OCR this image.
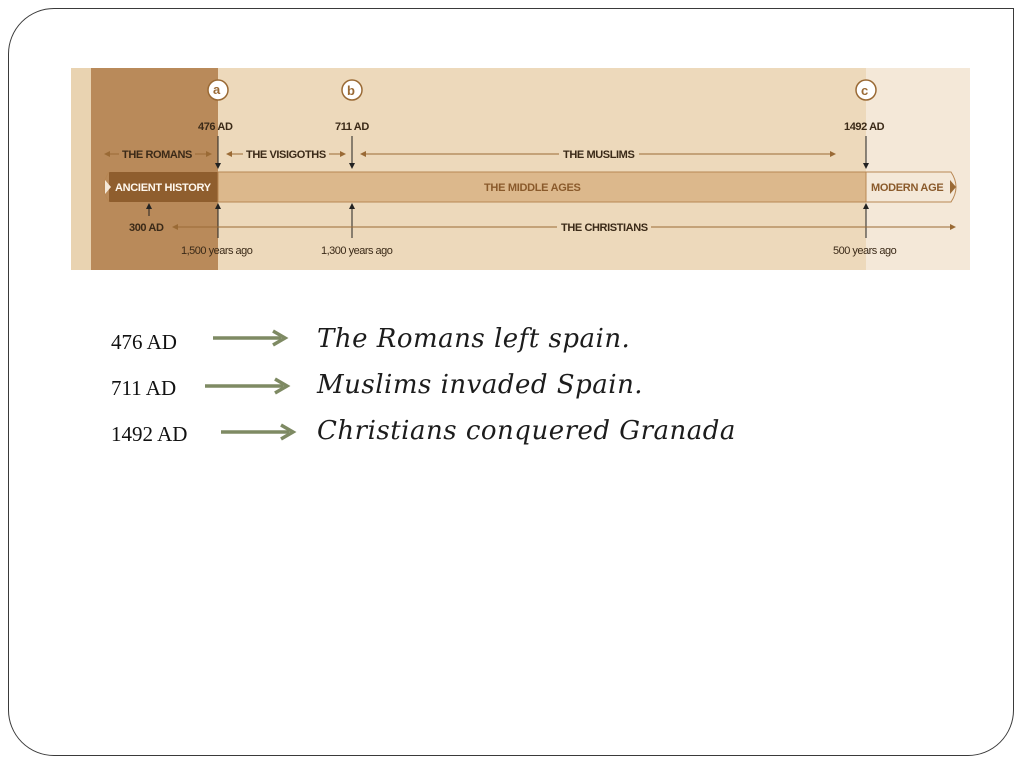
ANCIENT HISTORY	THE MIDDLE AGES	MODERN AGE
a	b	c
476 AD	711 AD	1492 AD
THE ROMANS	THE VISIGOTHS	THE MUSLIMS
300 AD	THE CHRISTIANS
1,500 years ago	1,300 years ago	500 years ago
476 AD	The Romans left spain.
711 AD	Muslims invaded Spain.
1492 AD	Christians conquered Granada
